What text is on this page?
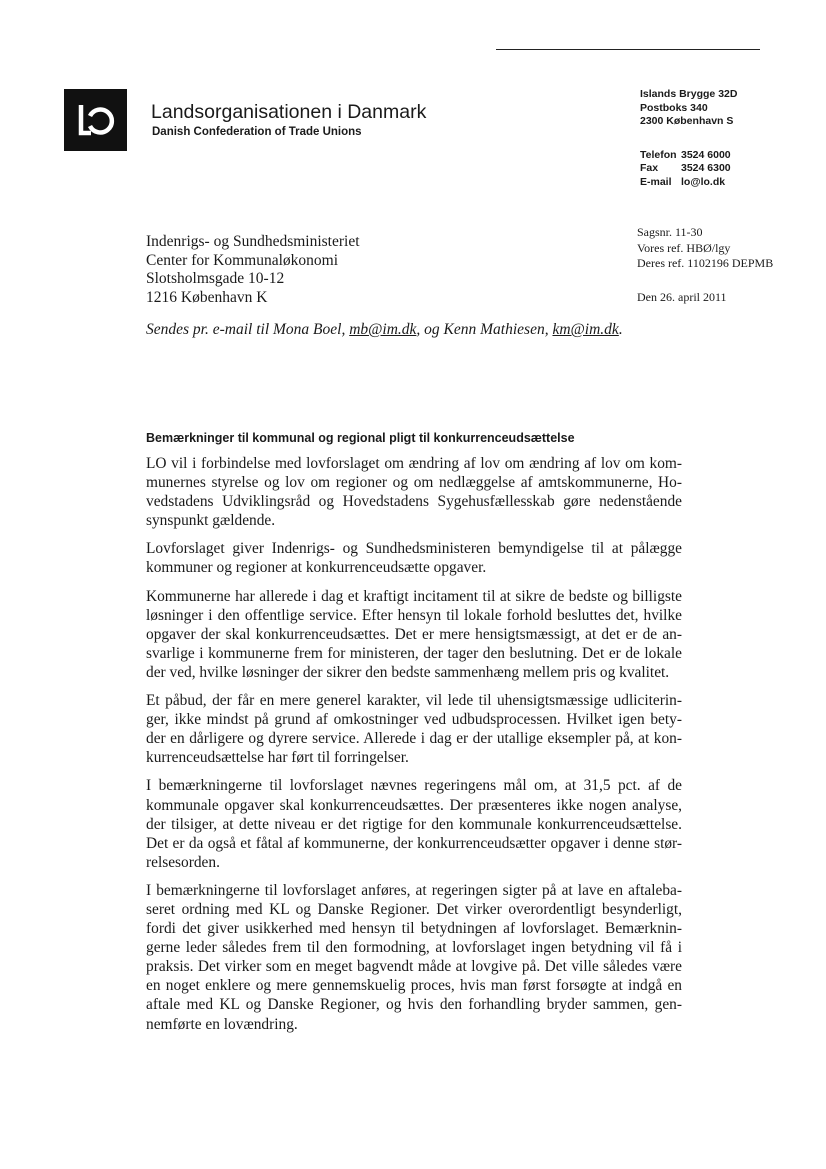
Landsorganisationen i Danmark
Danish Confederation of Trade Unions
Islands Brygge 32D
Postboks 340
2300 København S
Telefon 3524 6000
Fax 3524 6300
E-mail lo@lo.dk
Indenrigs- og Sundhedsministeriet
Center for Kommunaløkonomi
Slotsholmsgade 10-12
1216 København K
Sagsnr. 11-30
Vores ref. HBØ/lgy
Deres ref. 1102196 DEPMB
Den 26. april 2011
Sendes pr. e-mail til Mona Boel, mb@im.dk, og Kenn Mathiesen, km@im.dk.
Bemærkninger til kommunal og regional pligt til konkurrenceudsættelse

LO vil i forbindelse med lovforslaget om ændring af lov om ændring af lov om kom-
munernes styrelse og lov om regioner og om nedlæggelse af amtskommunerne, Ho-
vedstadens Udviklingsråd og Hovedstadens Sygehusfællesskab gøre nedenstående
synspunkt gældende.

Lovforslaget giver Indenrigs- og Sundhedsministeren bemyndigelse til at pålægge
kommuner og regioner at konkurrenceudsætte opgaver.

Kommunerne har allerede i dag et kraftigt incitament til at sikre de bedste og billigste
løsninger i den offentlige service. Efter hensyn til lokale forhold besluttes det, hvilke
opgaver der skal konkurrenceudsættes. Det er mere hensigtsmæssigt, at det er de an-
svarlige i kommunerne frem for ministeren, der tager den beslutning. Det er de lokale
der ved, hvilke løsninger der sikrer den bedste sammenhæng mellem pris og kvalitet.

Et påbud, der får en mere generel karakter, vil lede til uhensigtsmæssige udliciterin-
ger, ikke mindst på grund af omkostninger ved udbudsprocessen. Hvilket igen bety-
der en dårligere og dyrere service. Allerede i dag er der utallige eksempler på, at kon-
kurrenceudsættelse har ført til forringelser.

I bemærkningerne til lovforslaget nævnes regeringens mål om, at 31,5 pct. af de
kommunale opgaver skal konkurrenceudsættes. Der præsenteres ikke nogen analyse,
der tilsiger, at dette niveau er det rigtige for den kommunale konkurrenceudsættelse.
Det er da også et fåtal af kommunerne, der konkurrenceudsætter opgaver i denne stør-
relsesorden.

I bemærkningerne til lovforslaget anføres, at regeringen sigter på at lave en aftaleba-
seret ordning med KL og Danske Regioner. Det virker overordentligt besynderligt,
fordi det giver usikkerhed med hensyn til betydningen af lovforslaget. Bemærknin-
gerne leder således frem til den formodning, at lovforslaget ingen betydning vil få i
praksis. Det virker som en meget bagvendt måde at lovgive på. Det ville således være
en noget enklere og mere gennemskuelig proces, hvis man først forsøgte at indgå en
aftale med KL og Danske Regioner, og hvis den forhandling bryder sammen, gen-
nemførte en lovændring.
